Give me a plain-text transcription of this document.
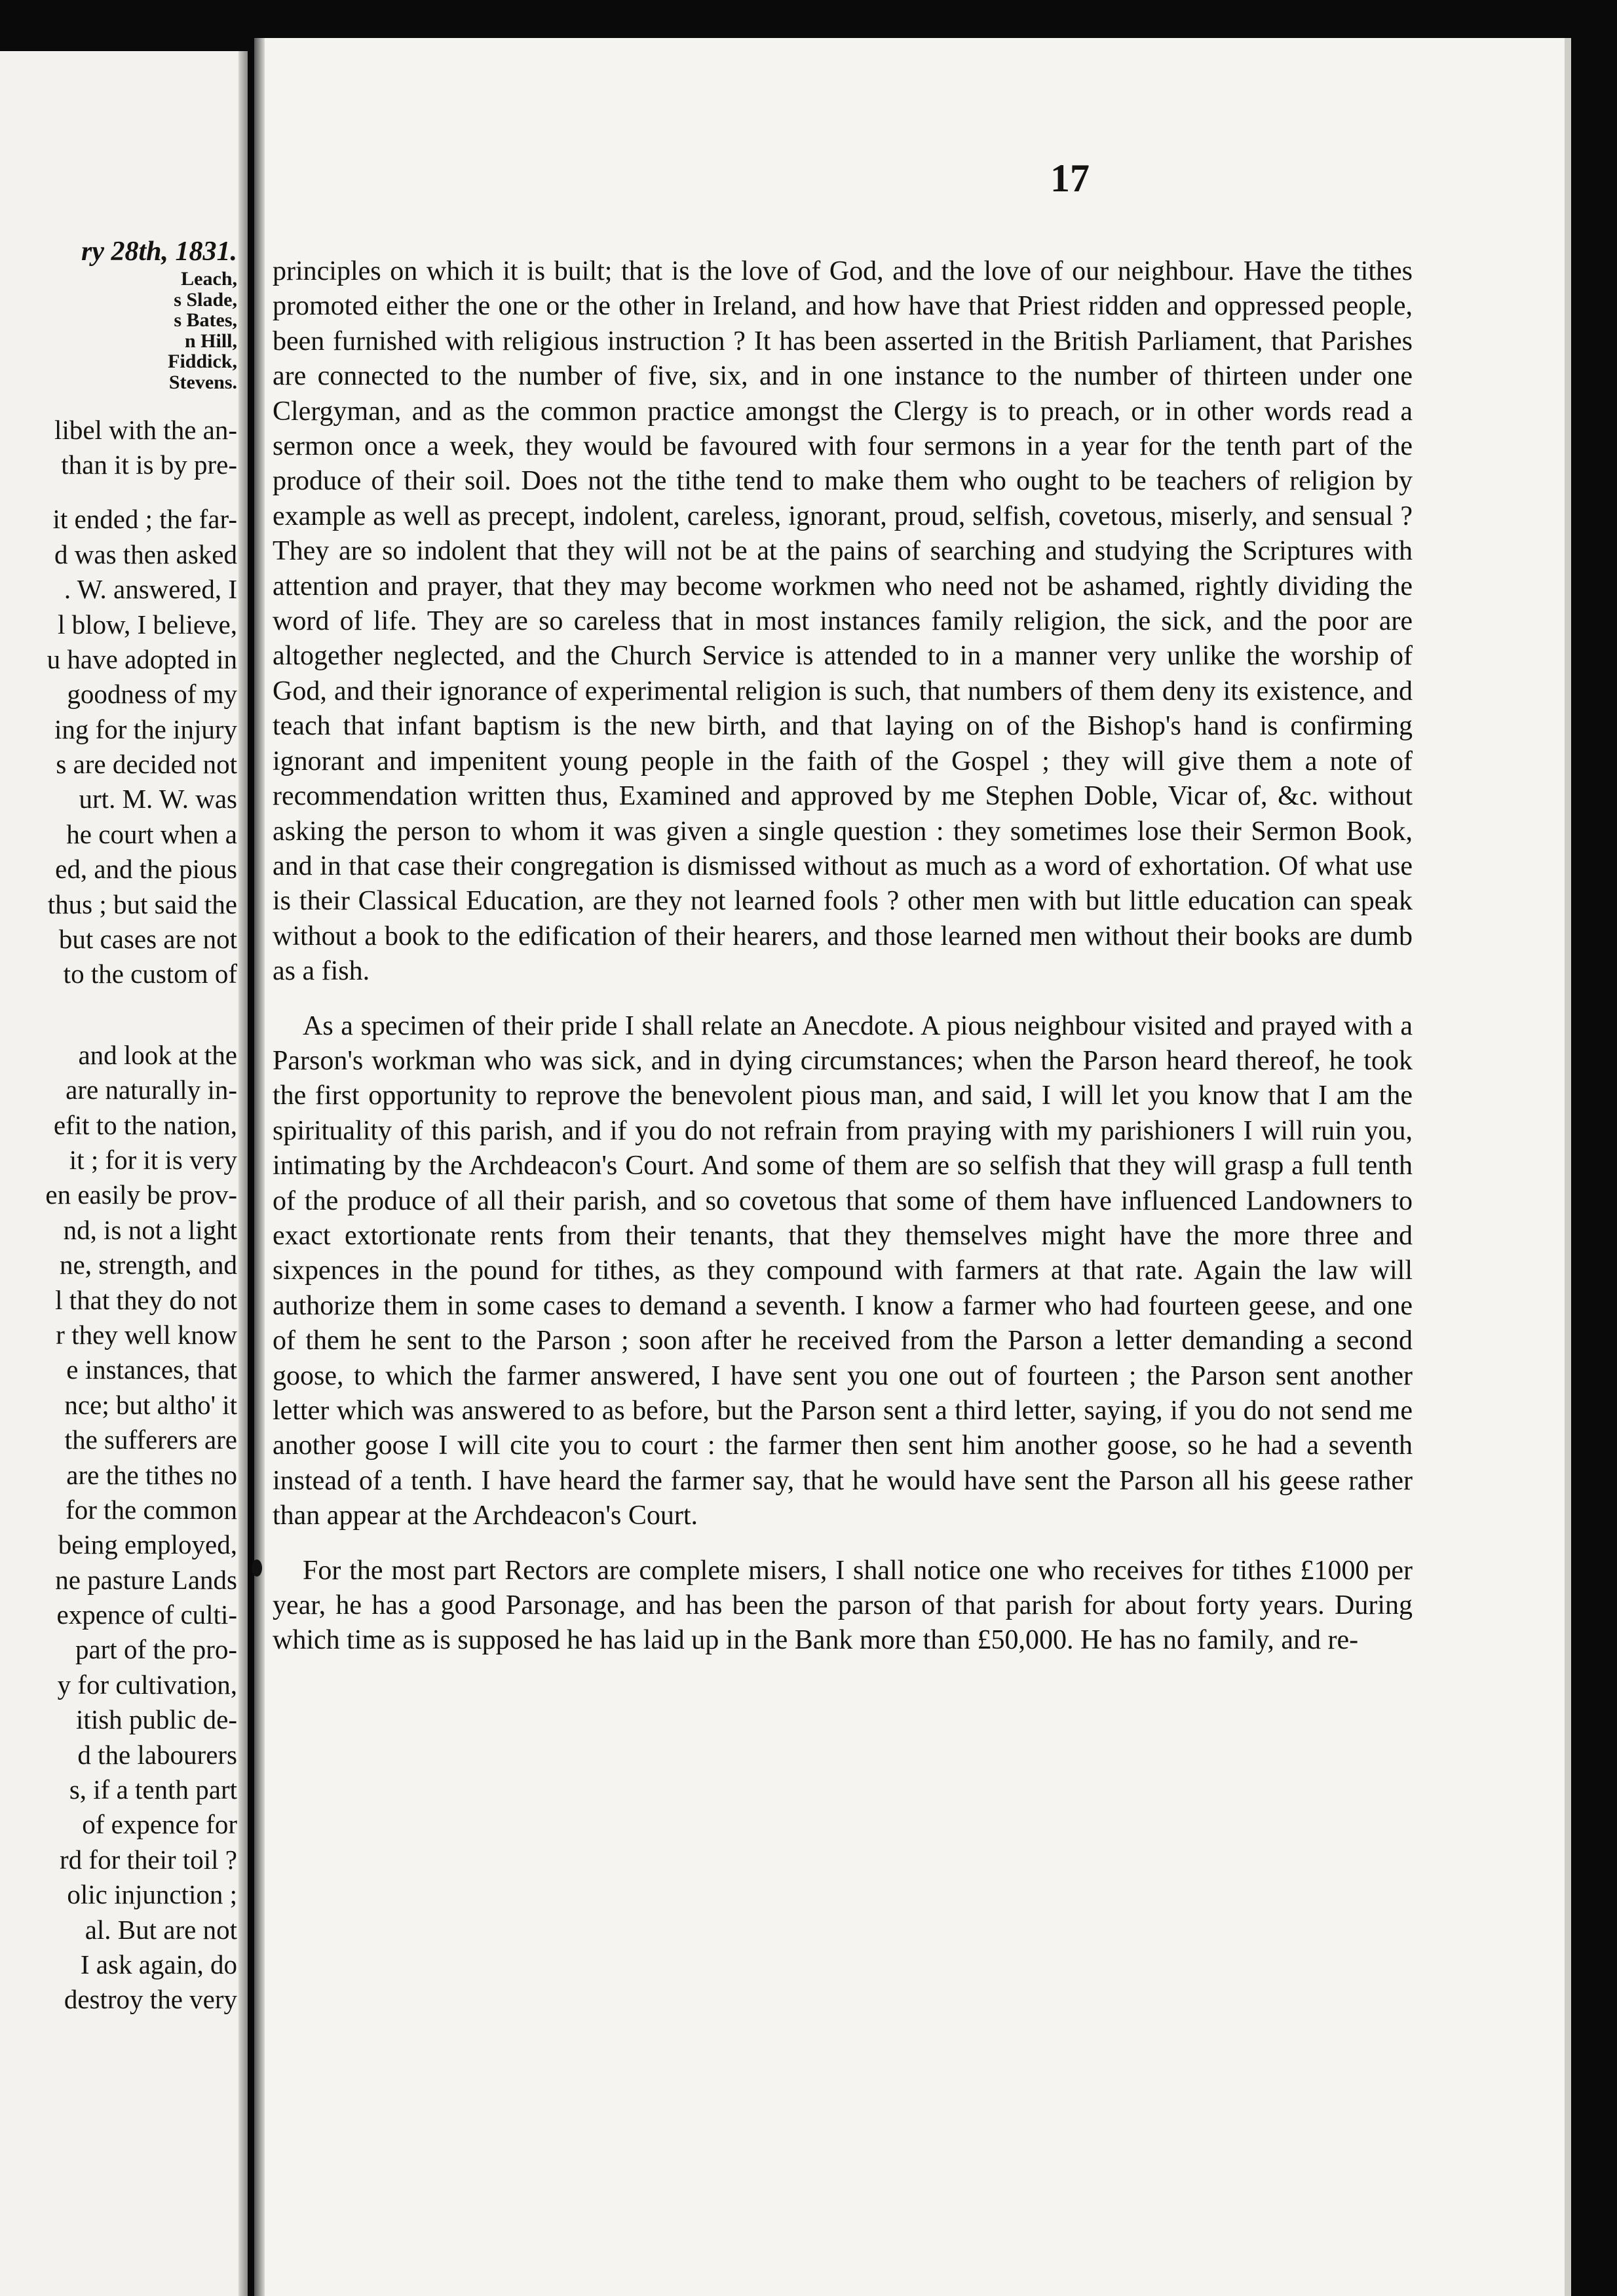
ry 28th, 1831.
Leach,
s Slade,
s Bates,
n Hill,
Fiddick,
Stevens.
libel with the an-
than it is by pre-
it ended ; the far-
d was then asked
. W. answered, I
l blow, I believe,
u have adopted in
goodness of my
ing for the injury
s are decided not
urt. M. W. was
he court when a
ed, and the pious
thus ; but said the
but cases are not
to the custom of
and look at the
are naturally in-
efit to the nation,
it ; for it is very
en easily be prov-
nd, is not a light
ne, strength, and
l that they do not
r they well know
e instances, that
nce; but altho' it
the sufferers are
are the tithes no
for the common
being employed,
ne pasture Lands
expence of culti-
part of the pro-
y for cultivation,
itish public de-
d the labourers
s, if a tenth part
of expence for
rd for their toil ?
olic injunction ;
al. But are not
I ask again, do
destroy the very
17

principles on which it is built; that is the love of God, and the love of our neighbour. Have the tithes promoted either the one or the other in Ireland, and how have that Priest ridden and oppressed people, been furnished with religious instruction ? It has been asserted in the British Parliament, that Parishes are connected to the number of five, six, and in one instance to the number of thirteen under one Clergyman, and as the common practice amongst the Clergy is to preach, or in other words read a sermon once a week, they would be favoured with four sermons in a year for the tenth part of the produce of their soil. Does not the tithe tend to make them who ought to be teachers of religion by example as well as precept, indolent, careless, ignorant, proud, selfish, covetous, miserly, and sensual ? They are so indolent that they will not be at the pains of searching and studying the Scriptures with attention and prayer, that they may become workmen who need not be ashamed, rightly dividing the word of life. They are so careless that in most instances family religion, the sick, and the poor are altogether neglected, and the Church Service is attended to in a manner very unlike the worship of God, and their ignorance of experimental religion is such, that numbers of them deny its existence, and teach that infant baptism is the new birth, and that laying on of the Bishop's hand is confirming ignorant and impenitent young people in the faith of the Gospel ; they will give them a note of recommendation written thus, Examined and approved by me Stephen Doble, Vicar of, &c. without asking the person to whom it was given a single question : they sometimes lose their Sermon Book, and in that case their congregation is dismissed without as much as a word of exhortation. Of what use is their Classical Education, are they not learned fools ? other men with but little education can speak without a book to the edification of their hearers, and those learned men without their books are dumb as a fish.

As a specimen of their pride I shall relate an Anecdote. A pious neighbour visited and prayed with a Parson's workman who was sick, and in dying circumstances; when the Parson heard thereof, he took the first opportunity to reprove the benevolent pious man, and said, I will let you know that I am the spirituality of this parish, and if you do not refrain from praying with my parishioners I will ruin you, intimating by the Archdeacon's Court. And some of them are so selfish that they will grasp a full tenth of the produce of all their parish, and so covetous that some of them have influenced Landowners to exact extortionate rents from their tenants, that they themselves might have the more three and sixpences in the pound for tithes, as they compound with farmers at that rate. Again the law will authorize them in some cases to demand a seventh. I know a farmer who had fourteen geese, and one of them he sent to the Parson ; soon after he received from the Parson a letter demanding a second goose, to which the farmer answered, I have sent you one out of fourteen ; the Parson sent another letter which was answered to as before, but the Parson sent a third letter, saying, if you do not send me another goose I will cite you to court : the farmer then sent him another goose, so he had a seventh instead of a tenth. I have heard the farmer say, that he would have sent the Parson all his geese rather than appear at the Archdeacon's Court.

For the most part Rectors are complete misers, I shall notice one who receives for tithes £1000 per year, he has a good Parsonage, and has been the parson of that parish for about forty years. During which time as is supposed he has laid up in the Bank more than £50,000. He has no family, and re-
